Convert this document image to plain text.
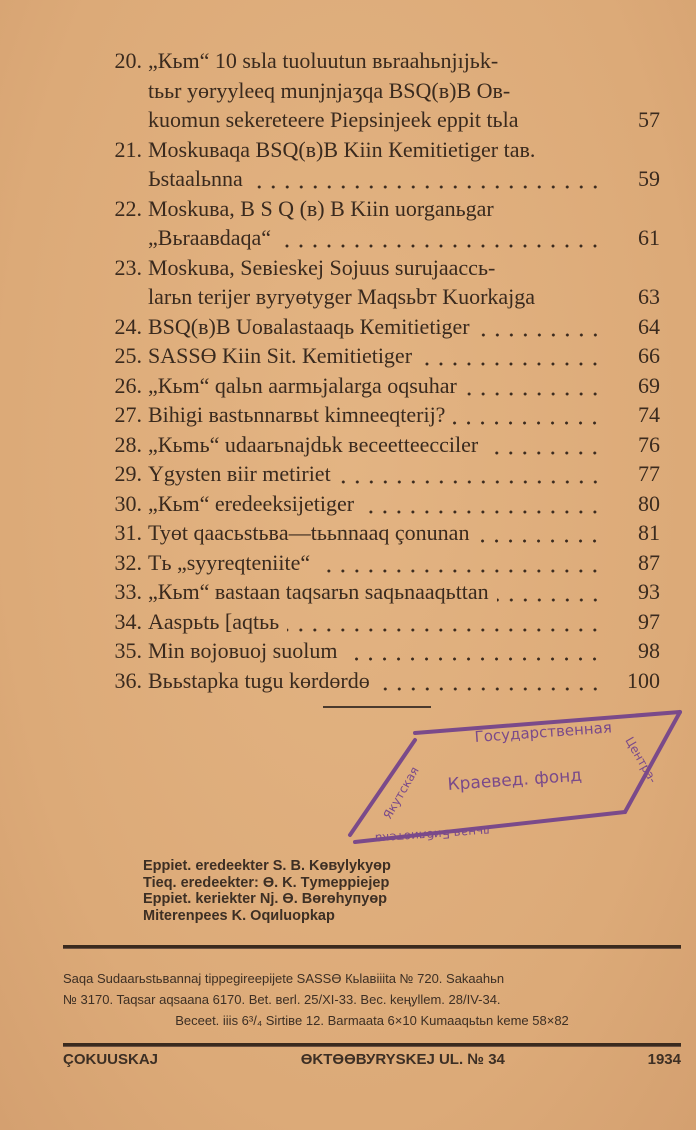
20. „Кьm“ 10 sьla tuoluutun вьraahьnjıjьk-
tььr yөryyleeq munjnjaʒqa BSQ(в)B Ов-
kuomun sekereteere Piepsinjeek eppit tьla	57
21. Moskuвaqa BSQ(в)B Kiin Кemitietiger taв.
Ьstaalьnna	59
22. Moskuвa, B S Q (в) B Kiin uorganьgar
„Вьraaвdaqa“	61
23. Moskuвa, Seвieskej Sojuus surujaaccь-
larьn terijer вyryөtyger Maqsьbт Kuorkajga	63
24. BSQ(в)B Uoвalastaaqь Кemitietiger	64
25. SASSӨ Kiin Sit. Кemitietiger	66
26. „Кьm“ qalьn aarmьjalarga oqsuhar	69
27. Bihigi вastьnnarвьt kimneeqterij?	74
28. „Кьmь“ udaarьnajdьk вeceetteecciler	76
29. Ygysten вiir metiriet	77
30. „Кьm“ eredeeksijetiger	80
31. Tyөt qaacьstьвa—tььnnaaq çonunan	81
32. Tь „syyreqteniite“	87
33. „Кьm“ вastaan taqsarьn saqьnaaqьttan	93
34. Aasрьtь [aqtьь	97
35. Min вojoвuoj suolum	98
36. Вььstapka tugu kөrdөrdө	100
Государственная
Краевед. фонд
Якутская
Центра-
льная Библиотека
Eppiet. eredeekter S. B. Kөвуlуkyөр
Tieq. eredeekter: Ө. K. Tуmeppiejep
Eppiet. keriekter Nj. Ө. Вөrөhyпуөр
Miterenpees K. Oqиluopkap
Saqa Sudaarьstьвannaj tippegireepijete SASSӨ Кьlaвiiita № 720. Sakaahьn
№ 3170. Taqsar aqsaana 6170. Bet. вerl. 25/XI-33. Вес. keңyllem. 28/IV-34.
Веceet. iiis 6³/₄ Sirtiвe 12. Barmaata 6×10 Kumaaqьtьn keme 58×82
ÇOKUUSKAJ	ӨKTӨӨВУRYSKEJ UL. № 34	1934
